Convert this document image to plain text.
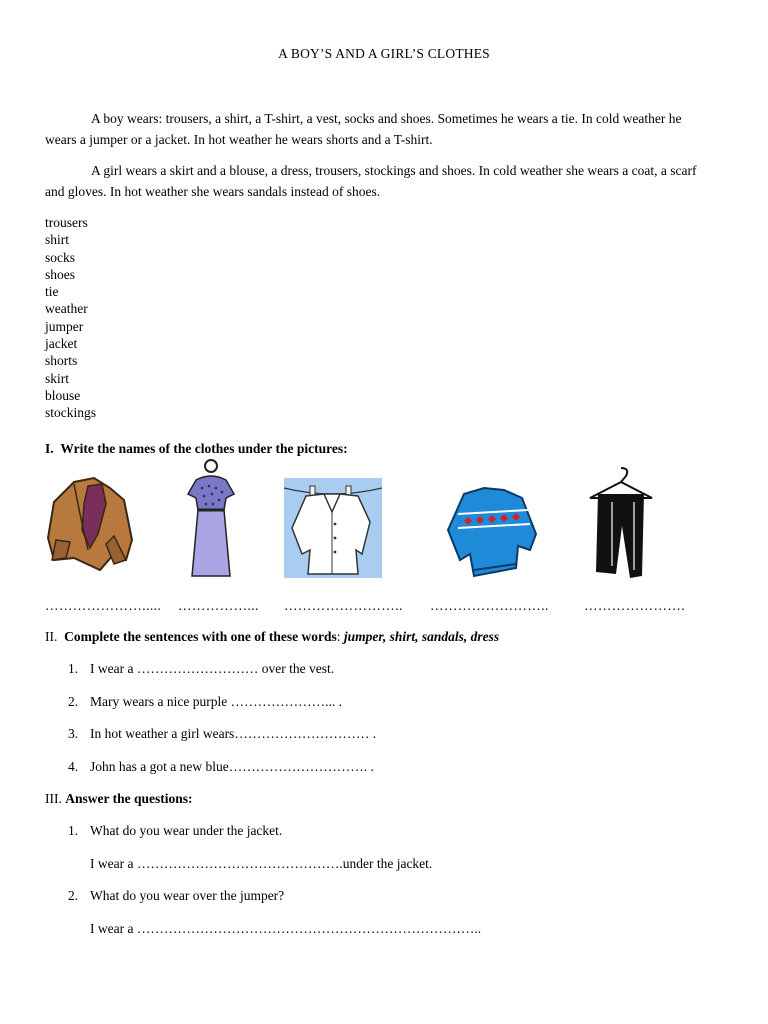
A BOY’S AND A GIRL’S CLOTHES

A boy wears: trousers, a shirt, a T-shirt, a vest, socks and shoes. Sometimes he wears a tie. In cold weather he wears a jumper or a jacket. In hot weather he wears shorts and a T-shirt.

A girl wears a skirt and a blouse, a dress, trousers, stockings and shoes. In cold weather she wears a coat, a scarf and gloves. In hot weather she wears sandals instead of shoes.

trousers
shirt
socks
shoes
tie
weather
jumper
jacket
shorts
skirt
blouse
stockings
I. Write the names of the clothes under the pictures:
…………………..... ……………... …………………….. ……………………..	………………….
II. Complete the sentences with one of these words: jumper, shirt, sandals, dress
1. I wear a ……………………… over the vest.
2. Mary wears a nice purple …………………... .
3. In hot weather a girl wears………………………… .
4. John has a got a new blue…………………………. .
III. Answer the questions:
1. What do you wear under the jacket.
I wear a ……………………………………….under the jacket.
2. What do you wear over the jumper?
I wear a …………………………………………………………………..
